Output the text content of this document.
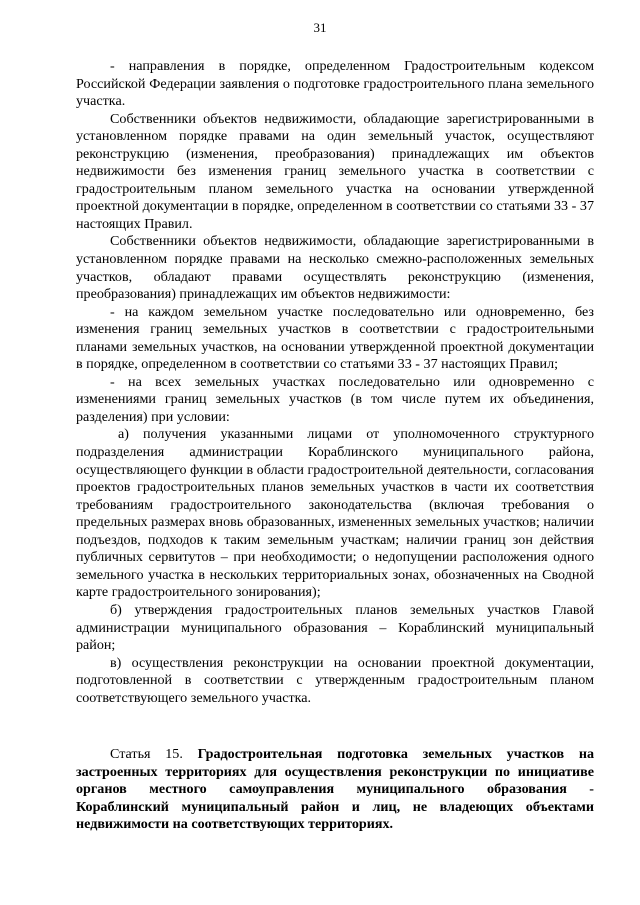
31

- направления в порядке, определенном Градостроительным кодексом Российской Федерации заявления о подготовке градостроительного плана земельного участка.

Собственники объектов недвижимости, обладающие зарегистрированными в установленном порядке правами на один земельный участок, осуществляют реконструкцию (изменения, преобразования) принадлежащих им объектов недвижимости без изменения границ земельного участка в соответствии с градостроительным планом земельного участка на основании утвержденной проектной документации в порядке, определенном в соответствии со статьями 33 - 37 настоящих Правил.

Собственники объектов недвижимости, обладающие зарегистрированными в установленном порядке правами на несколько смежно-расположенных земельных участков, обладают правами осуществлять реконструкцию (изменения, преобразования) принадлежащих им объектов недвижимости:

- на каждом земельном участке последовательно или одновременно, без изменения границ земельных участков в соответствии с градостроительными планами земельных участков, на основании утвержденной проектной документации в порядке, определенном в соответствии со статьями 33 - 37 настоящих Правил;

- на всех земельных участках последовательно или одновременно с изменениями границ земельных участков (в том числе путем их объединения, разделения) при условии:

а) получения указанными лицами от уполномоченного структурного подразделения администрации Кораблинского муниципального района, осуществляющего функции в области градостроительной деятельности, согласования проектов градостроительных планов земельных участков в части их соответствия требованиям градостроительного законодательства (включая требования о предельных размерах вновь образованных, измененных земельных участков; наличии подъездов, подходов к таким земельным участкам; наличии границ зон действия публичных сервитутов – при необходимости; о недопущении расположения одного земельного участка в нескольких территориальных зонах, обозначенных на Сводной карте градостроительного зонирования);

б) утверждения градостроительных планов земельных участков Главой администрации муниципального образования – Кораблинский муниципальный район;

в) осуществления реконструкции на основании проектной документации, подготовленной в соответствии с утвержденным градостроительным планом соответствующего земельного участка.

Статья 15. Градостроительная подготовка земельных участков на застроенных территориях для осуществления реконструкции по инициативе органов местного самоуправления муниципального образования - Кораблинский муниципальный район и лиц, не владеющих объектами недвижимости на соответствующих территориях.
